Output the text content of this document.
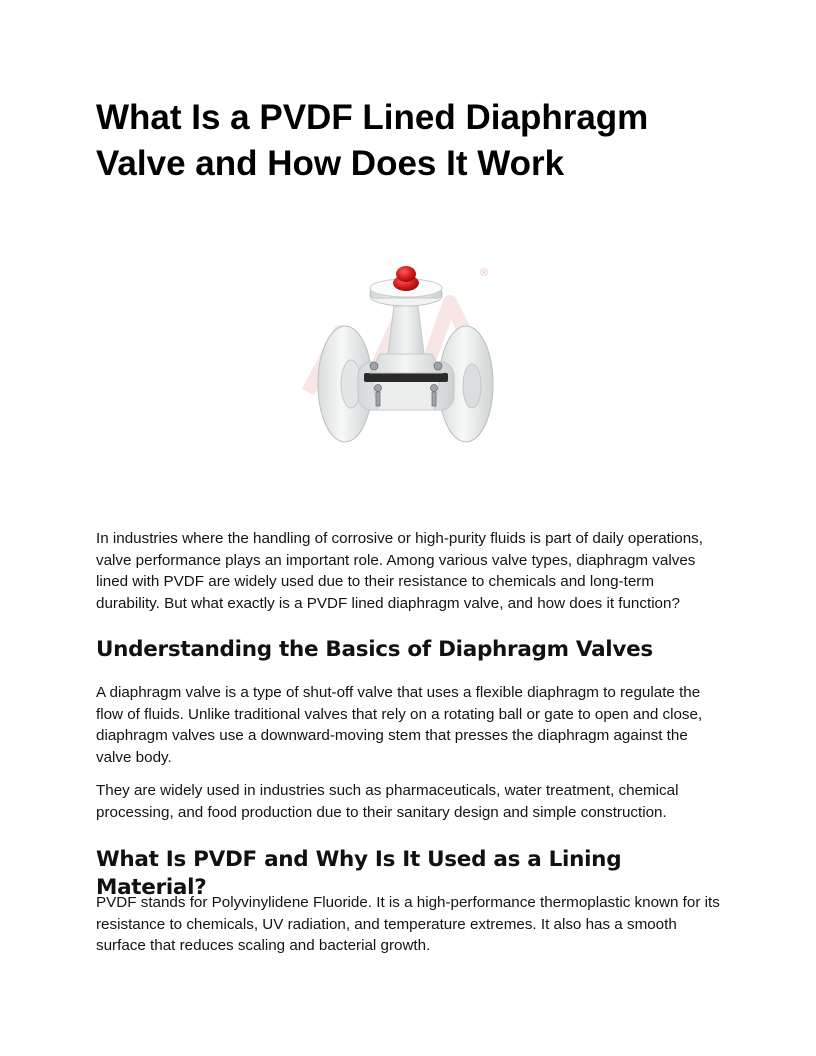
What Is a PVDF Lined Diaphragm
Valve and How Does It Work
®

In industries where the handling of corrosive or high-purity fluids is part of daily operations, valve performance plays an important role. Among various valve types, diaphragm valves lined with PVDF are widely used due to their resistance to chemicals and long-term durability. But what exactly is a PVDF lined diaphragm valve, and how does it function?

Understanding the Basics of Diaphragm Valves

A diaphragm valve is a type of shut-off valve that uses a flexible diaphragm to regulate the flow of fluids. Unlike traditional valves that rely on a rotating ball or gate to open and close, diaphragm valves use a downward-moving stem that presses the diaphragm against the valve body.

They are widely used in industries such as pharmaceuticals, water treatment, chemical processing, and food production due to their sanitary design and simple construction.

What Is PVDF and Why Is It Used as a Lining Material?

PVDF stands for Polyvinylidene Fluoride. It is a high-performance thermoplastic known for its resistance to chemicals, UV radiation, and temperature extremes. It also has a smooth surface that reduces scaling and bacterial growth.
